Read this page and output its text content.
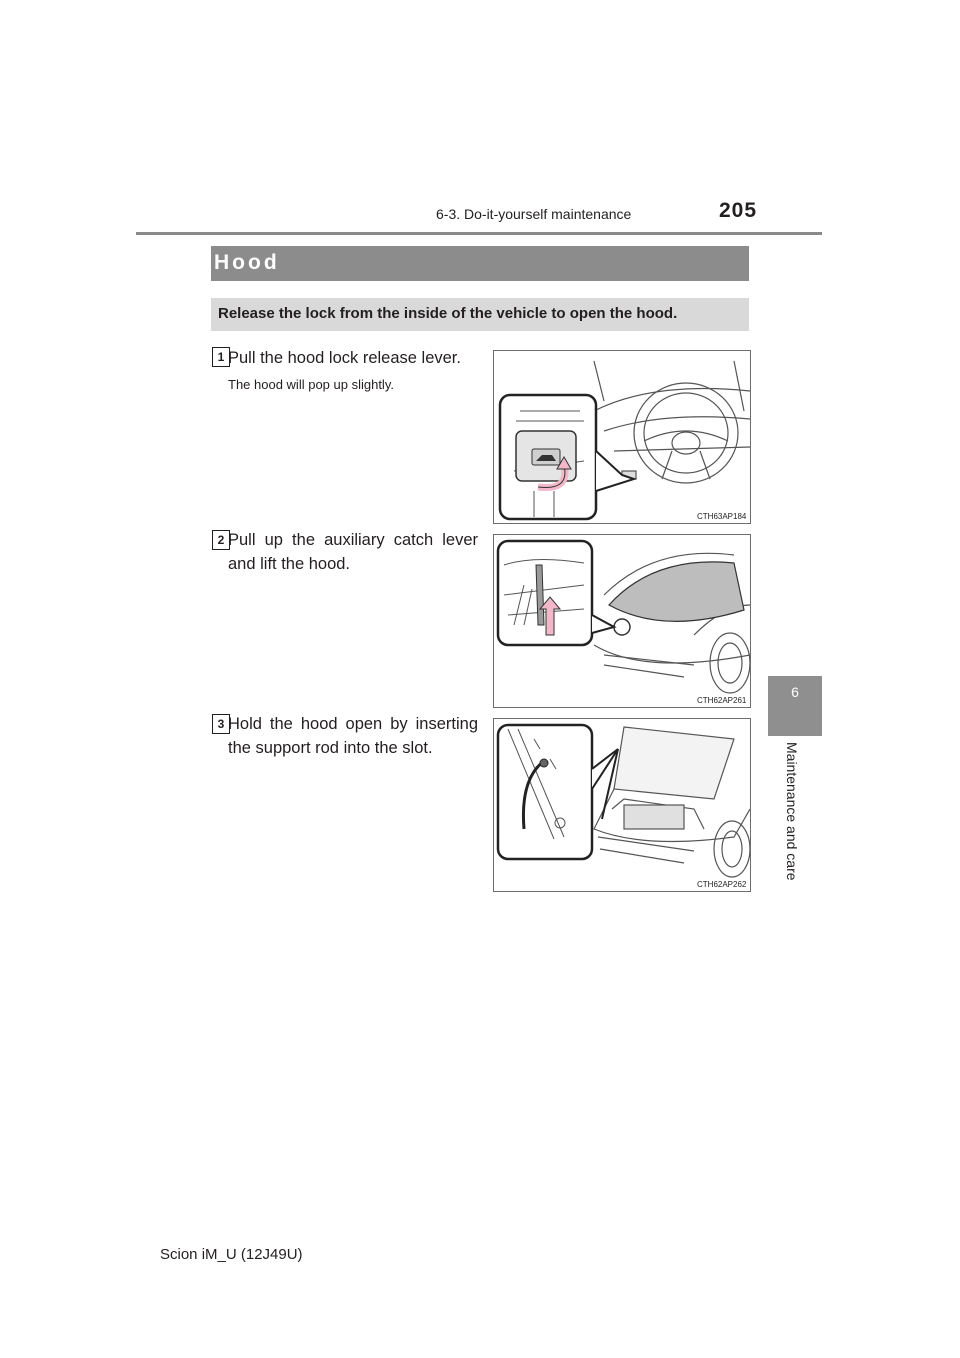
6-3. Do-it-yourself maintenance	205
6
Maintenance and care
Hood
Release the lock from the inside of the vehicle to open the hood.
1 Pull the hood lock release lever.
The hood will pop up slightly.
CTH63AP184
2 Pull up the auxiliary catch lever and lift the hood.
CTH62AP261
3 Hold the hood open by inserting the support rod into the slot.
CTH62AP262
Scion iM_U (12J49U)
